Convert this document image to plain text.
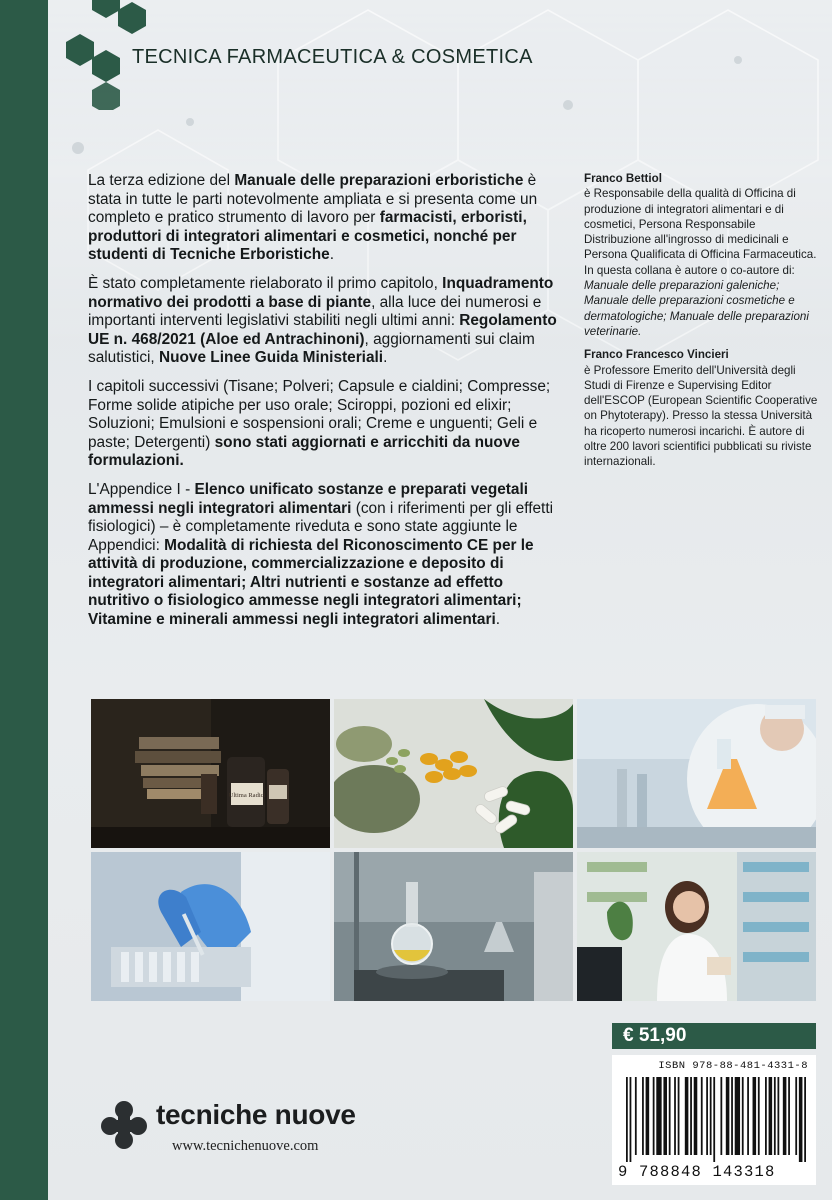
TECNICA FARMACEUTICA & COSMETICA

La terza edizione del Manuale delle preparazioni erboristiche è stata in tutte le parti notevolmente ampliata e si presenta come un completo e pratico strumento di lavoro per farmacisti, erboristi, produttori di integratori alimentari e cosmetici, nonché per studenti di Tecniche Erboristiche.

È stato completamente rielaborato il primo capitolo, Inquadramento normativo dei prodotti a base di piante, alla luce dei numerosi e importanti interventi legislativi stabiliti negli ultimi anni: Regolamento UE n. 468/2021 (Aloe ed Antrachinoni), aggiornamenti sui claim salutistici, Nuove Linee Guida Ministeriali.

I capitoli successivi (Tisane; Polveri; Capsule e cialdini; Compresse; Forme solide atipiche per uso orale; Sciroppi, pozioni ed elixir; Soluzioni; Emulsioni e sospensioni orali; Creme e unguenti; Geli e paste; Detergenti) sono stati aggiornati e arricchiti da nuove formulazioni.

L'Appendice I - Elenco unificato sostanze e preparati vegetali ammessi negli integratori alimentari (con i riferimenti per gli effetti fisiologici) – è completamente riveduta e sono state aggiunte le Appendici: Modalità di richiesta del Riconoscimento CE per le attività di produzione, commercializzazione e deposito di integratori alimentari; Altri nutrienti e sostanze ad effetto nutritivo o fisiologico ammesse negli integratori alimentari; Vitamine e minerali ammessi negli integratori alimentari.

Franco Bettiol

è Responsabile della qualità di Officina di produzione di integratori alimentari e di cosmetici, Persona Responsabile Distribuzione all'ingrosso di medicinali e Persona Qualificata di Officina Farmaceutica. In questa collana è autore o co-autore di: Manuale delle preparazioni galeniche; Manuale delle preparazioni cosmetiche e dermatologiche; Manuale delle preparazioni veterinarie.

Franco Francesco Vincieri

è Professore Emerito dell'Università degli Studi di Firenze e Supervising Editor dell'ESCOP (European Scientific Cooperative on Phytoterapy). Presso la stessa Università ha ricoperto numerosi incarichi. È autore di oltre 200 lavori scientifici pubblicati su riviste internazionali.

Ultima Radici
€ 51,90
ISBN 978-88-481-4331-8
9 788848 143318
tecniche nuove
www.tecnichenuove.com
